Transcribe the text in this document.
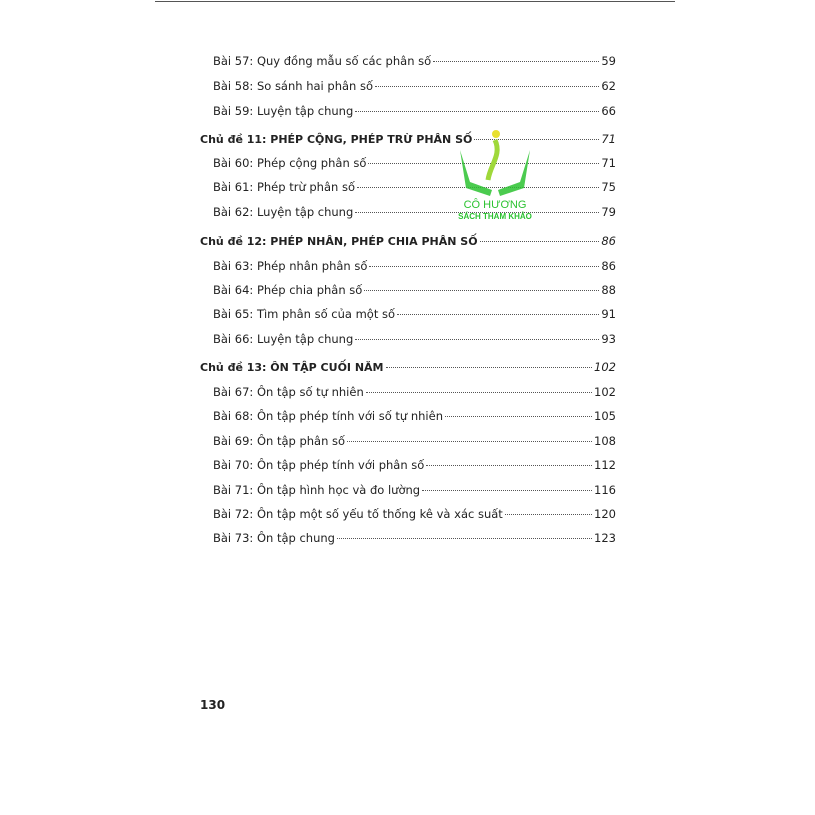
Bài 57: Quy đồng mẫu số các phân số	59
Bài 58: So sánh hai phân số	62
Bài 59: Luyện tập chung	66
Chủ đề 11: PHÉP CỘNG, PHÉP TRỪ PHÂN SỐ	71
Bài 60: Phép cộng phân số	71
Bài 61: Phép trừ phân số	75
Bài 62: Luyện tập chung	79
Chủ đề 12: PHÉP NHÂN, PHÉP CHIA PHÂN SỐ	86
Bài 63: Phép nhân phân số	86
Bài 64: Phép chia phân số	88
Bài 65: Tìm phân số của một số	91
Bài 66: Luyện tập chung	93
Chủ đề 13: ÔN TẬP CUỐI NĂM	102
Bài 67: Ôn tập số tự nhiên	102
Bài 68: Ôn tập phép tính với số tự nhiên	105
Bài 69: Ôn tập phân số	108
Bài 70: Ôn tập phép tính với phân số	112
Bài 71: Ôn tập hình học và đo lường	116
Bài 72: Ôn tập một số yếu tố thống kê và xác suất	120
Bài 73: Ôn tập chung	123
CÔ HƯƠNG
SÁCH THAM KHẢO
130
